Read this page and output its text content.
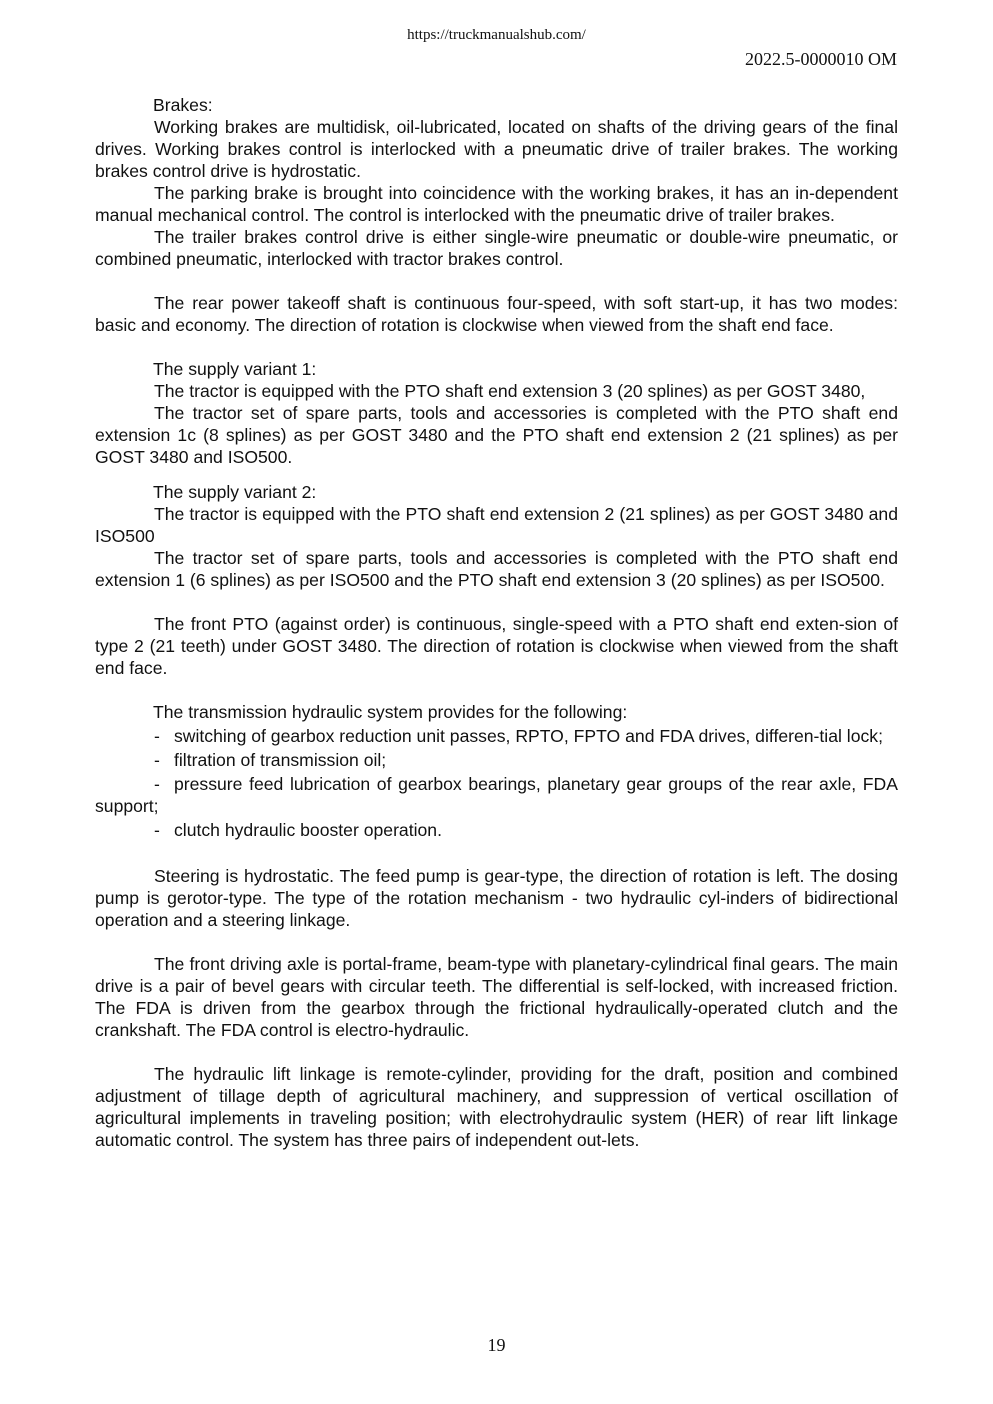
https://truckmanualshub.com/
2022.5-0000010 OM

Brakes:

Working brakes are multidisk, oil-lubricated, located on shafts of the driving gears of the final drives. Working brakes control is interlocked with a pneumatic drive of trailer brakes. The working brakes control drive is hydrostatic.

The parking brake is brought into coincidence with the working brakes, it has an in-dependent manual mechanical control. The control is interlocked with the pneumatic drive of trailer brakes.

The trailer brakes control drive is either single-wire pneumatic or double-wire pneumatic, or combined pneumatic, interlocked with tractor brakes control.

The rear power takeoff shaft is continuous four-speed, with soft start-up, it has two modes: basic and economy. The direction of rotation is clockwise when viewed from the shaft end face.

The supply variant 1:

The tractor is equipped with the PTO shaft end extension 3 (20 splines) as per GOST 3480,

The tractor set of spare parts, tools and accessories is completed with the PTO shaft end extension 1c (8 splines) as per GOST 3480 and the PTO shaft end extension 2 (21 splines) as per GOST 3480 and ISO500.

The supply variant 2:

The tractor is equipped with the PTO shaft end extension 2 (21 splines) as per GOST 3480 and ISO500

The tractor set of spare parts, tools and accessories is completed with the PTO shaft end extension 1 (6 splines) as per ISO500 and the PTO shaft end extension 3 (20 splines) as per ISO500.

The front PTO (against order) is continuous, single-speed with a PTO shaft end exten-sion of type 2 (21 teeth) under GOST 3480. The direction of rotation is clockwise when viewed from the shaft end face.

The transmission hydraulic system provides for the following:

- switching of gearbox reduction unit passes, RPTO, FPTO and FDA drives, differen-tial lock;

- filtration of transmission oil;

- pressure feed lubrication of gearbox bearings, planetary gear groups of the rear axle, FDA support;

- clutch hydraulic booster operation.

Steering is hydrostatic. The feed pump is gear-type, the direction of rotation is left. The dosing pump is gerotor-type. The type of the rotation mechanism - two hydraulic cyl-inders of bidirectional operation and a steering linkage.

The front driving axle is portal-frame, beam-type with planetary-cylindrical final gears. The main drive is a pair of bevel gears with circular teeth. The differential is self-locked, with increased friction. The FDA is driven from the gearbox through the frictional hydraulically-operated clutch and the crankshaft. The FDA control is electro-hydraulic.

The hydraulic lift linkage is remote-cylinder, providing for the draft, position and combined adjustment of tillage depth of agricultural machinery, and suppression of vertical oscillation of agricultural implements in traveling position; with electrohydraulic system (HER) of rear lift linkage automatic control. The system has three pairs of independent out-lets.

19
